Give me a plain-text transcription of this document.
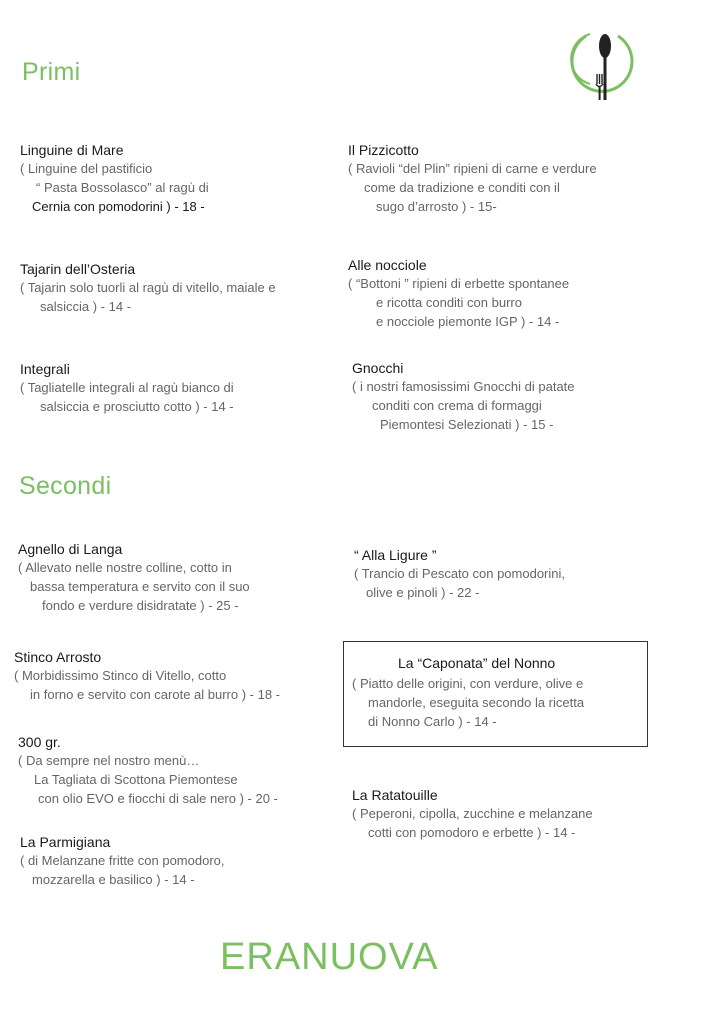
Primi

Linguine di Mare

( Linguine del pastificio
“ Pasta Bossolasco” al ragù di
Cernia con pomodorini ) - 18 -

Il Pizzicotto

( Ravioli “del Plin” ripieni di carne e verdure
come da tradizione e conditi con il
sugo d’arrosto ) - 15-

Tajarin dell’Osteria

( Tajarin solo tuorli al ragù di vitello, maiale e
salsiccia ) - 14 -

Alle nocciole

( “Bottoni ” ripieni di erbette spontanee
e ricotta conditi con burro
e nocciole piemonte IGP ) - 14 -

Integrali

( Tagliatelle integrali al ragù bianco di
salsiccia e prosciutto cotto ) - 14 -

Gnocchi

( i nostri famosissimi Gnocchi di patate
conditi con crema di formaggi
Piemontesi Selezionati ) - 15 -

Secondi

Agnello di Langa

( Allevato nelle nostre colline, cotto in
bassa temperatura e servito con il suo
fondo e verdure disidratate ) - 25 -

“ Alla Ligure ”

( Trancio di Pescato con pomodorini,
olive e pinoli ) - 22 -

Stinco Arrosto

( Morbidissimo Stinco di Vitello, cotto
in forno e servito con carote al burro ) - 18 -

La “Caponata” del Nonno

( Piatto delle origini, con verdure, olive e
mandorle, eseguita secondo la ricetta
di Nonno Carlo ) - 14 -

300 gr.

( Da sempre nel nostro menù…
La Tagliata di Scottona Piemontese
con olio EVO e fiocchi di sale nero ) - 20 -	La Ratatouille

( Peperoni, cipolla, zucchine e melanzane
cotti con pomodoro e erbette ) - 14 -

La Parmigiana

( di Melanzane fritte con pomodoro,
mozzarella e basilico ) - 14 -

ERANUOVA
